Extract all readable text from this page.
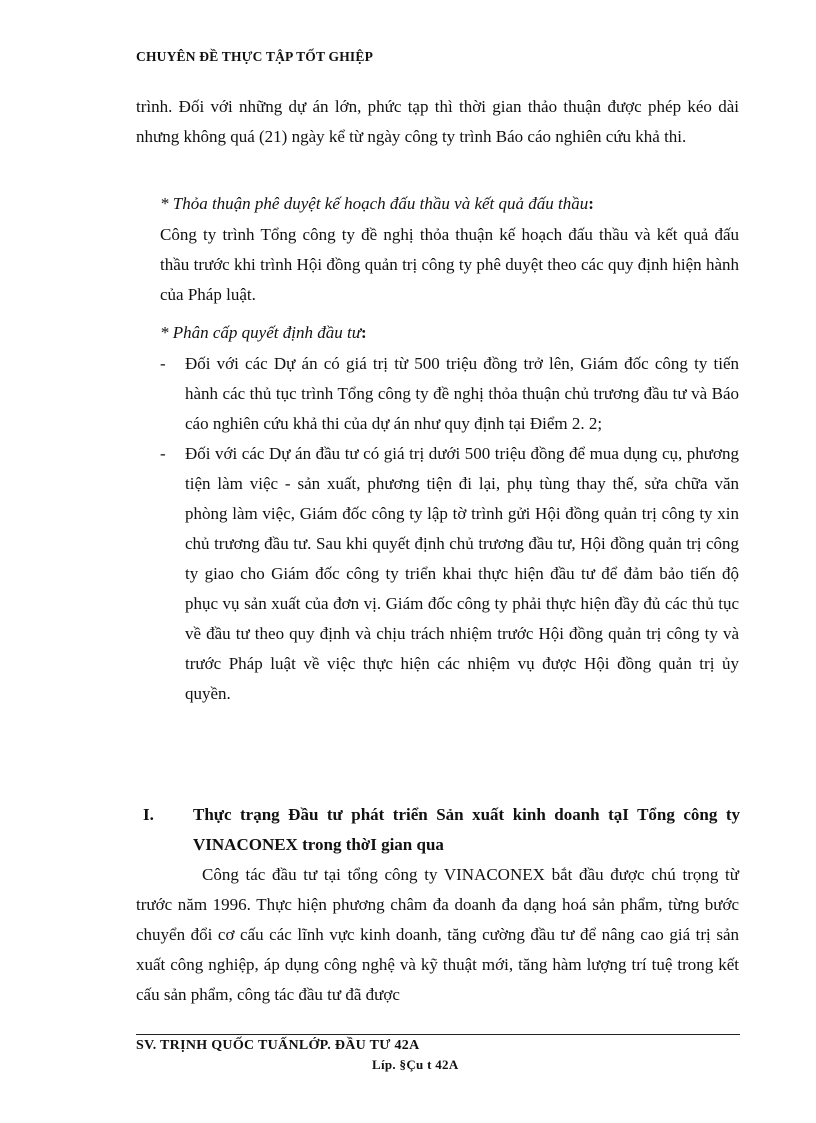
CHUYÊN ĐỀ THỰC TẬP TỐT GHIỆP
trình. Đối với những dự án lớn, phức tạp thì thời gian thảo thuận được phép kéo dài nhưng không quá (21) ngày kể từ ngày công ty trình Báo cáo nghiên cứu khả thi.
* Thỏa thuận phê duyệt kế hoạch đấu thầu và kết quả đấu thầu:
Công ty trình Tổng công ty đề nghị thỏa thuận kế hoạch đấu thầu và kết quả đấu thầu trước khi trình Hội đồng quản trị công ty phê duyệt theo các quy định hiện hành của Pháp luật.
* Phân cấp quyết định đầu tư:
-	Đối với các Dự án có giá trị từ 500 triệu đồng trở lên, Giám đốc công ty tiến hành các thủ tục trình Tổng công ty đề nghị thỏa thuận chủ trương đầu tư và Báo cáo nghiên cứu khả thi của dự án như quy định tại Điểm 2. 2;
-	Đối với các Dự án đầu tư có giá trị dưới 500 triệu đồng để mua dụng cụ, phương tiện làm việc - sản xuất, phương tiện đi lại, phụ tùng thay thế, sửa chữa văn phòng làm việc, Giám đốc công ty lập tờ trình gửi Hội đồng quản trị công ty xin chủ trương đầu tư. Sau khi quyết định chủ trương đầu tư, Hội đồng quản trị công ty giao cho Giám đốc công ty triển khai thực hiện đầu tư để đảm bảo tiến độ phục vụ sản xuất của đơn vị. Giám đốc công ty phải thực hiện đầy đủ các thủ tục về đầu tư theo quy định và chịu trách nhiệm trước Hội đồng quản trị công ty và trước Pháp luật về việc thực hiện các nhiệm vụ được Hội đồng quản trị ủy quyền.
I.	Thực trạng Đầu tư phát triển Sản xuất kinh doanh tạI Tổng công ty VINACONEX trong thờI gian qua
Công tác đầu tư tại tổng công ty VINACONEX bắt đầu được chú trọng từ trước năm 1996. Thực hiện phương châm đa doanh đa dạng hoá sản phẩm, từng bước chuyển đổi cơ cấu các lĩnh vực kinh doanh, tăng cường đầu tư để nâng cao giá trị sản xuất công nghiệp, áp dụng công nghệ và kỹ thuật mới, tăng hàm lượng trí tuệ trong kết cấu sản phẩm, công tác đầu tư đã được
SV. TRỊNH QUỐC TUẤNLỚP. ĐẦU TƯ 42A
Líp. §Çu t 42A
